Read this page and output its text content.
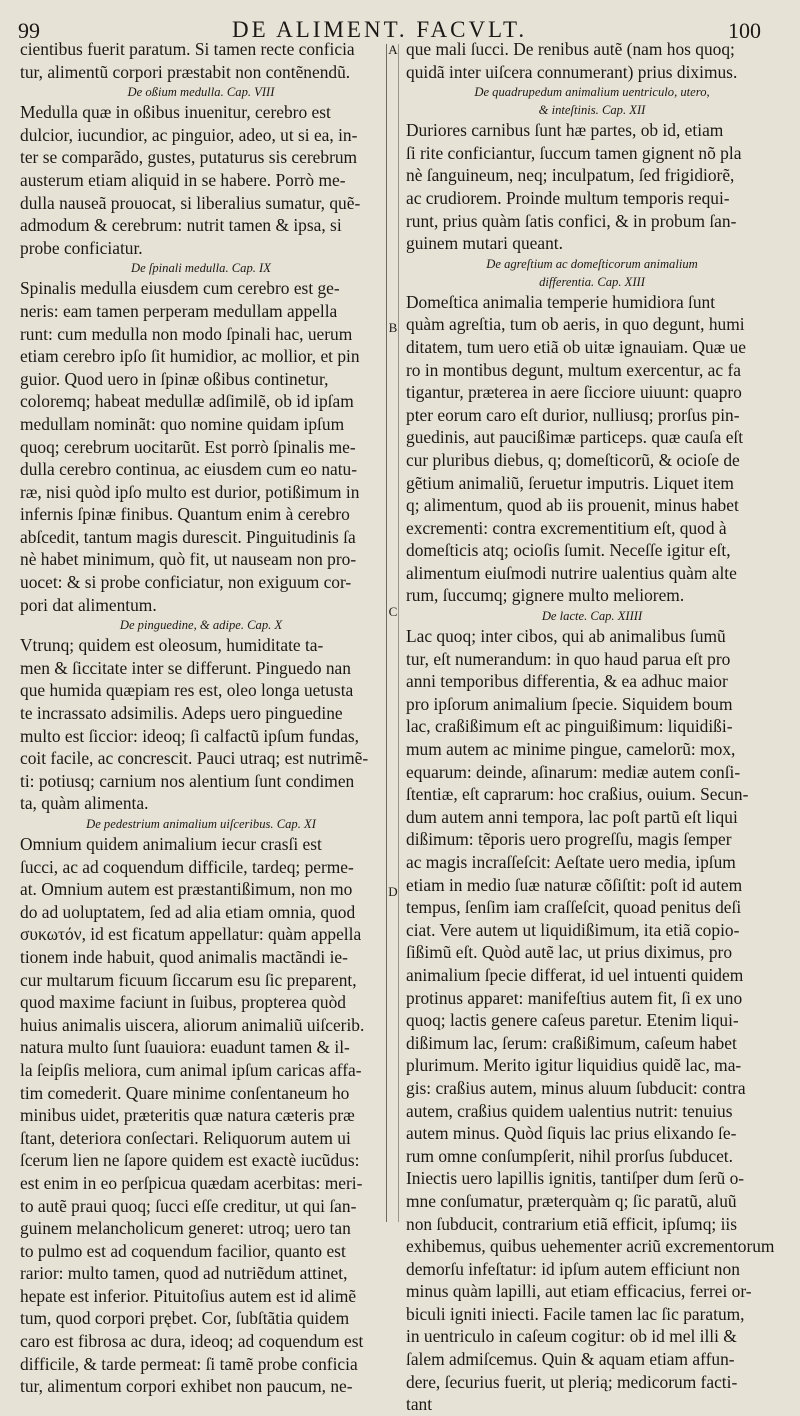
99	DE ALIMENT. FACVLT.	100
cientibus fuerit paratum. Si tamen recte conficia
tur, alimentũ corpori præstabit non contẽnendũ.
De oßium medulla. Cap. VIII
Medulla quæ in oßibus inuenitur, cerebro est
dulcior, iucundior, ac pinguior, adeo, ut si ea, in-
ter se comparãdo, gustes, putaturus sis cerebrum
austerum etiam aliquid in se habere. Porrò me-
dulla nauseã prouocat, si liberalius sumatur, quẽ-
admodum & cerebrum: nutrit tamen & ipsa, si
probe conficiatur.
De ſpinali medulla. Cap. IX
Spinalis medulla eiusdem cum cerebro est ge-
neris: eam tamen perperam medullam appella
runt: cum medulla non modo ſpinali hac, uerum
etiam cerebro ipſo ſit humidior, ac mollior, et pin
guior. Quod uero in ſpinæ oßibus continetur,
coloremq; habeat medullæ adſimilẽ, ob id ipſam
medullam nominãt: quo nomine quidam ipſum
quoq; cerebrum uocitarũt. Est porrò ſpinalis me-
dulla cerebro continua, ac eiusdem cum eo natu-
ræ, nisi quòd ipſo multo est durior, potißimum in
infernis ſpinæ finibus. Quantum enim à cerebro
abſcedit, tantum magis durescit. Pinguitudinis ſa
nè habet minimum, quò fit, ut nauseam non pro-
uocet: & si probe conficiatur, non exiguum cor-
pori dat alimentum.
De pinguedine, & adipe. Cap. X
Vtrunq; quidem est oleosum, humiditate ta-
men & ſiccitate inter se differunt. Pinguedo nan
que humida quæpiam res est, oleo longa uetusta
te incrassato adsimilis. Adeps uero pinguedine
multo est ſiccior: ideoq; ſi calfactũ ipſum fundas,
coit facile, ac concrescit. Pauci utraq; est nutrimẽ-
ti: potiusq; carnium nos alentium ſunt condimen
ta, quàm alimenta.
De pedestrium animalium uiſceribus. Cap. XI
Omnium quidem animalium iecur crasſi est
ſucci, ac ad coquendum difficile, tardeq; perme-
at. Omnium autem est præstantißimum, non mo
do ad uoluptatem, ſed ad alia etiam omnia, quod
συκωτόν, id est ficatum appellatur: quàm appella
tionem inde habuit, quod animalis mactãndi ie-
cur multarum ficuum ſiccarum esu ſic preparent,
quod maxime faciunt in ſuibus, propterea quòd
huius animalis uiscera, aliorum animaliũ uiſcerib.
natura multo ſunt ſuauiora: euadunt tamen & il-
la ſeipſis meliora, cum animal ipſum caricas affa-
tim comederit. Quare minime conſentaneum ho
minibus uidet, præteritis quæ natura cæteris præ
ſtant, deteriora conſectari. Reliquorum autem ui
ſcerum lien ne ſapore quidem est exactè iucũdus:
est enim in eo perſpicua quædam acerbitas: meri-
to autẽ praui quoq; ſucci eſſe creditur, ut qui ſan-
guinem melancholicum generet: utroq; uero tan
to pulmo est ad coquendum facilior, quanto est
rarior: multo tamen, quod ad nutriẽdum attinet,
hepate est inferior. Pituitoſius autem est id alimẽ
tum, quod corpori prębet. Cor, ſubſtãtia quidem
caro est fibrosa ac dura, ideoq; ad coquendum est
difficile, & tarde permeat: ſi tamẽ probe conficia
tur, alimentum corpori exhibet non paucum, ne-
que mali ſucci. De renibus autẽ (nam hos quoq;
quidã inter uiſcera connumerant) prius diximus.
De quadrupedum animalium uentriculo, utero,
& inteſtinis. Cap. XII
Duriores carnibus ſunt hæ partes, ob id, etiam
ſi rite conficiantur, ſuccum tamen gignent nõ pla
nè ſanguineum, neq; inculpatum, ſed frigidiorẽ,
ac crudiorem. Proinde multum temporis requi-
runt, prius quàm ſatis confici, & in probum ſan-
guinem mutari queant.
De agreſtium ac domeſticorum animalium
differentia. Cap. XIII
Domeſtica animalia temperie humidiora ſunt
quàm agreſtia, tum ob aeris, in quo degunt, humi
ditatem, tum uero etiã ob uitæ ignauiam. Quæ ue
ro in montibus degunt, multum exercentur, ac fa
tigantur, præterea in aere ſicciore uiuunt: quapro
pter eorum caro eſt durior, nulliusq; prorſus pin-
guedinis, aut paucißimæ particeps. quæ cauſa eſt
cur pluribus diebus, q; domeſticorũ, & ocioſe de
gẽtium animaliũ, ſeruetur imputris. Liquet item
q; alimentum, quod ab iis prouenit, minus habet
excrementi: contra excrementitium eſt, quod à
domeſticis atq; ocioſis ſumit. Neceſſe igitur eſt,
alimentum eiuſmodi nutrire ualentius quàm alte
rum, ſuccumq; gignere multo meliorem.
De lacte. Cap. XIIII
Lac quoq; inter cibos, qui ab animalibus ſumũ
tur, eſt numerandum: in quo haud parua eſt pro
anni temporibus differentia, & ea adhuc maior
pro ipſorum animalium ſpecie. Siquidem boum
lac, craßißimum eſt ac pinguißimum: liquidißi-
mum autem ac minime pingue, camelorũ: mox,
equarum: deinde, aſinarum: mediæ autem conſi-
ſtentiæ, eſt caprarum: hoc craßius, ouium. Secun-
dum autem anni tempora, lac poſt partũ eſt liqui
dißimum: tẽporis uero progreſſu, magis ſemper
ac magis incraſſeſcit: Aeſtate uero media, ipſum
etiam in medio ſuæ naturæ cõſiſtit: poſt id autem
tempus, ſenſim iam craſſeſcit, quoad penitus deſi
ciat. Vere autem ut liquidißimum, ita etiã copio-
ſißimũ eſt. Quòd autẽ lac, ut prius diximus, pro
animalium ſpecie differat, id uel intuenti quidem
protinus apparet: manifeſtius autem fit, ſi ex uno
quoq; lactis genere caſeus paretur. Etenim liqui-
dißimum lac, ſerum: craßißimum, caſeum habet
plurimum. Merito igitur liquidius quidẽ lac, ma-
gis: craßius autem, minus aluum ſubducit: contra
autem, craßius quidem ualentius nutrit: tenuius
autem minus. Quòd ſiquis lac prius elixando ſe-
rum omne conſumpſerit, nihil prorſus ſubducet.
Iniectis uero lapillis ignitis, tantiſper dum ſerũ o-
mne conſumatur, præterquàm q; ſic paratũ, aluũ
non ſubducit, contrarium etiã efficit, ipſumq; iis
exhibemus, quibus uehementer acriũ excrementorum
demorſu infeſtatur: id ipſum autem efficiunt non
minus quàm lapilli, aut etiam efficacius, ferrei or-
biculi igniti iniecti. Facile tamen lac ſic paratum,
in uentriculo in caſeum cogitur: ob id mel illi &
ſalem admiſcemus. Quin & aquam etiam affun-
dere, ſecurius fuerit, ut plerią; medicorum facti-
tant
A
B
C
D
